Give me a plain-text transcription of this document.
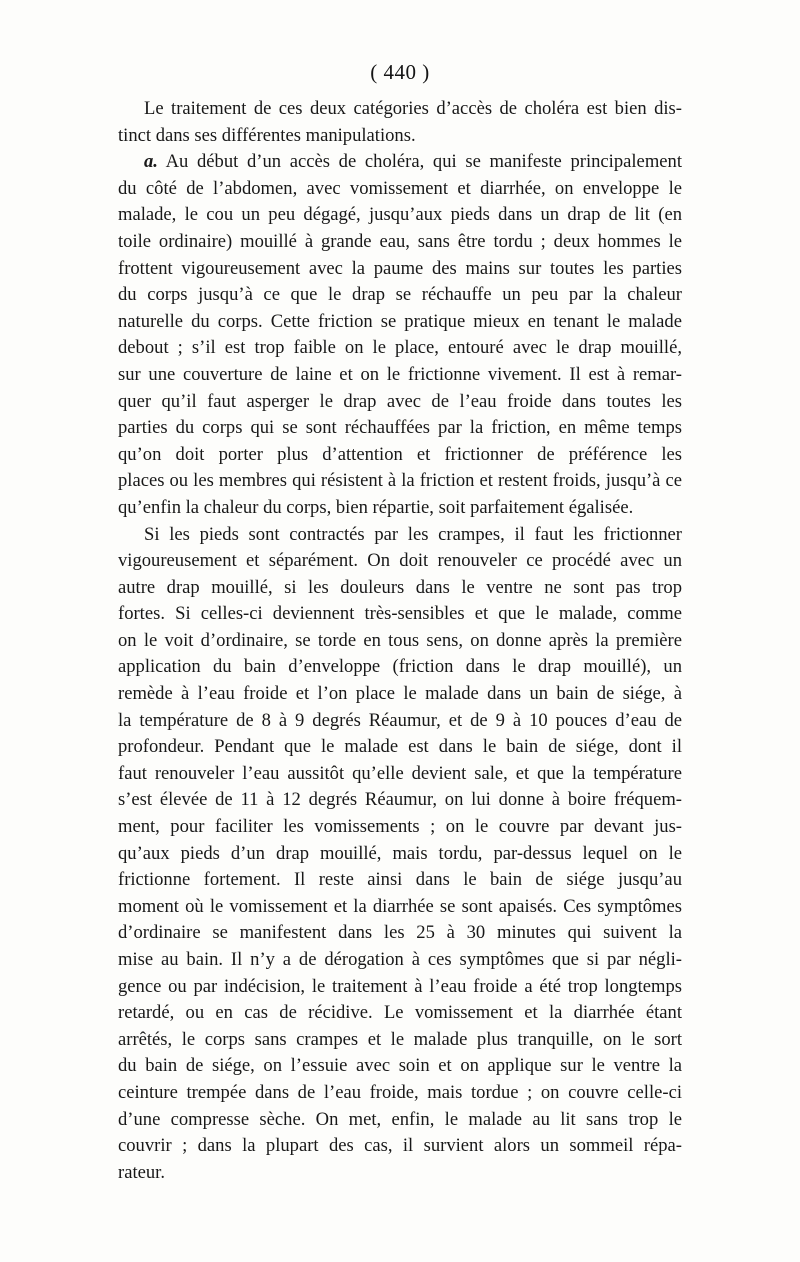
( 440 )
Le traitement de ces deux catégories d’accès de choléra est bien dis-
tinct dans ses différentes manipulations.
a. Au début d’un accès de choléra, qui se manifeste principalement
du côté de l’abdomen, avec vomissement et diarrhée, on enveloppe le
malade, le cou un peu dégagé, jusqu’aux pieds dans un drap de lit (en
toile ordinaire) mouillé à grande eau, sans être tordu ; deux hommes le
frottent vigoureusement avec la paume des mains sur toutes les parties
du corps jusqu’à ce que le drap se réchauffe un peu par la chaleur
naturelle du corps. Cette friction se pratique mieux en tenant le malade
debout ; s’il est trop faible on le place, entouré avec le drap mouillé,
sur une couverture de laine et on le frictionne vivement. Il est à remar-
quer qu’il faut asperger le drap avec de l’eau froide dans toutes les
parties du corps qui se sont réchauffées par la friction, en même temps
qu’on doit porter plus d’attention et frictionner de préférence les
places ou les membres qui résistent à la friction et restent froids, jusqu’à ce
qu’enfin la chaleur du corps, bien répartie, soit parfaitement égalisée.
Si les pieds sont contractés par les crampes, il faut les frictionner
vigoureusement et séparément. On doit renouveler ce procédé avec un
autre drap mouillé, si les douleurs dans le ventre ne sont pas trop
fortes. Si celles-ci deviennent très-sensibles et que le malade, comme
on le voit d’ordinaire, se torde en tous sens, on donne après la première
application du bain d’enveloppe (friction dans le drap mouillé), un
remède à l’eau froide et l’on place le malade dans un bain de siége, à
la température de 8 à 9 degrés Réaumur, et de 9 à 10 pouces d’eau de
profondeur. Pendant que le malade est dans le bain de siége, dont il
faut renouveler l’eau aussitôt qu’elle devient sale, et que la température
s’est élevée de 11 à 12 degrés Réaumur, on lui donne à boire fréquem-
ment, pour faciliter les vomissements ; on le couvre par devant jus-
qu’aux pieds d’un drap mouillé, mais tordu, par-dessus lequel on le
frictionne fortement. Il reste ainsi dans le bain de siége jusqu’au
moment où le vomissement et la diarrhée se sont apaisés. Ces symptômes
d’ordinaire se manifestent dans les 25 à 30 minutes qui suivent la
mise au bain. Il n’y a de dérogation à ces symptômes que si par négli-
gence ou par indécision, le traitement à l’eau froide a été trop longtemps
retardé, ou en cas de récidive. Le vomissement et la diarrhée étant
arrêtés, le corps sans crampes et le malade plus tranquille, on le sort
du bain de siége, on l’essuie avec soin et on applique sur le ventre la
ceinture trempée dans de l’eau froide, mais tordue ; on couvre celle-ci
d’une compresse sèche. On met, enfin, le malade au lit sans trop le
couvrir ; dans la plupart des cas, il survient alors un sommeil répa-
rateur.
